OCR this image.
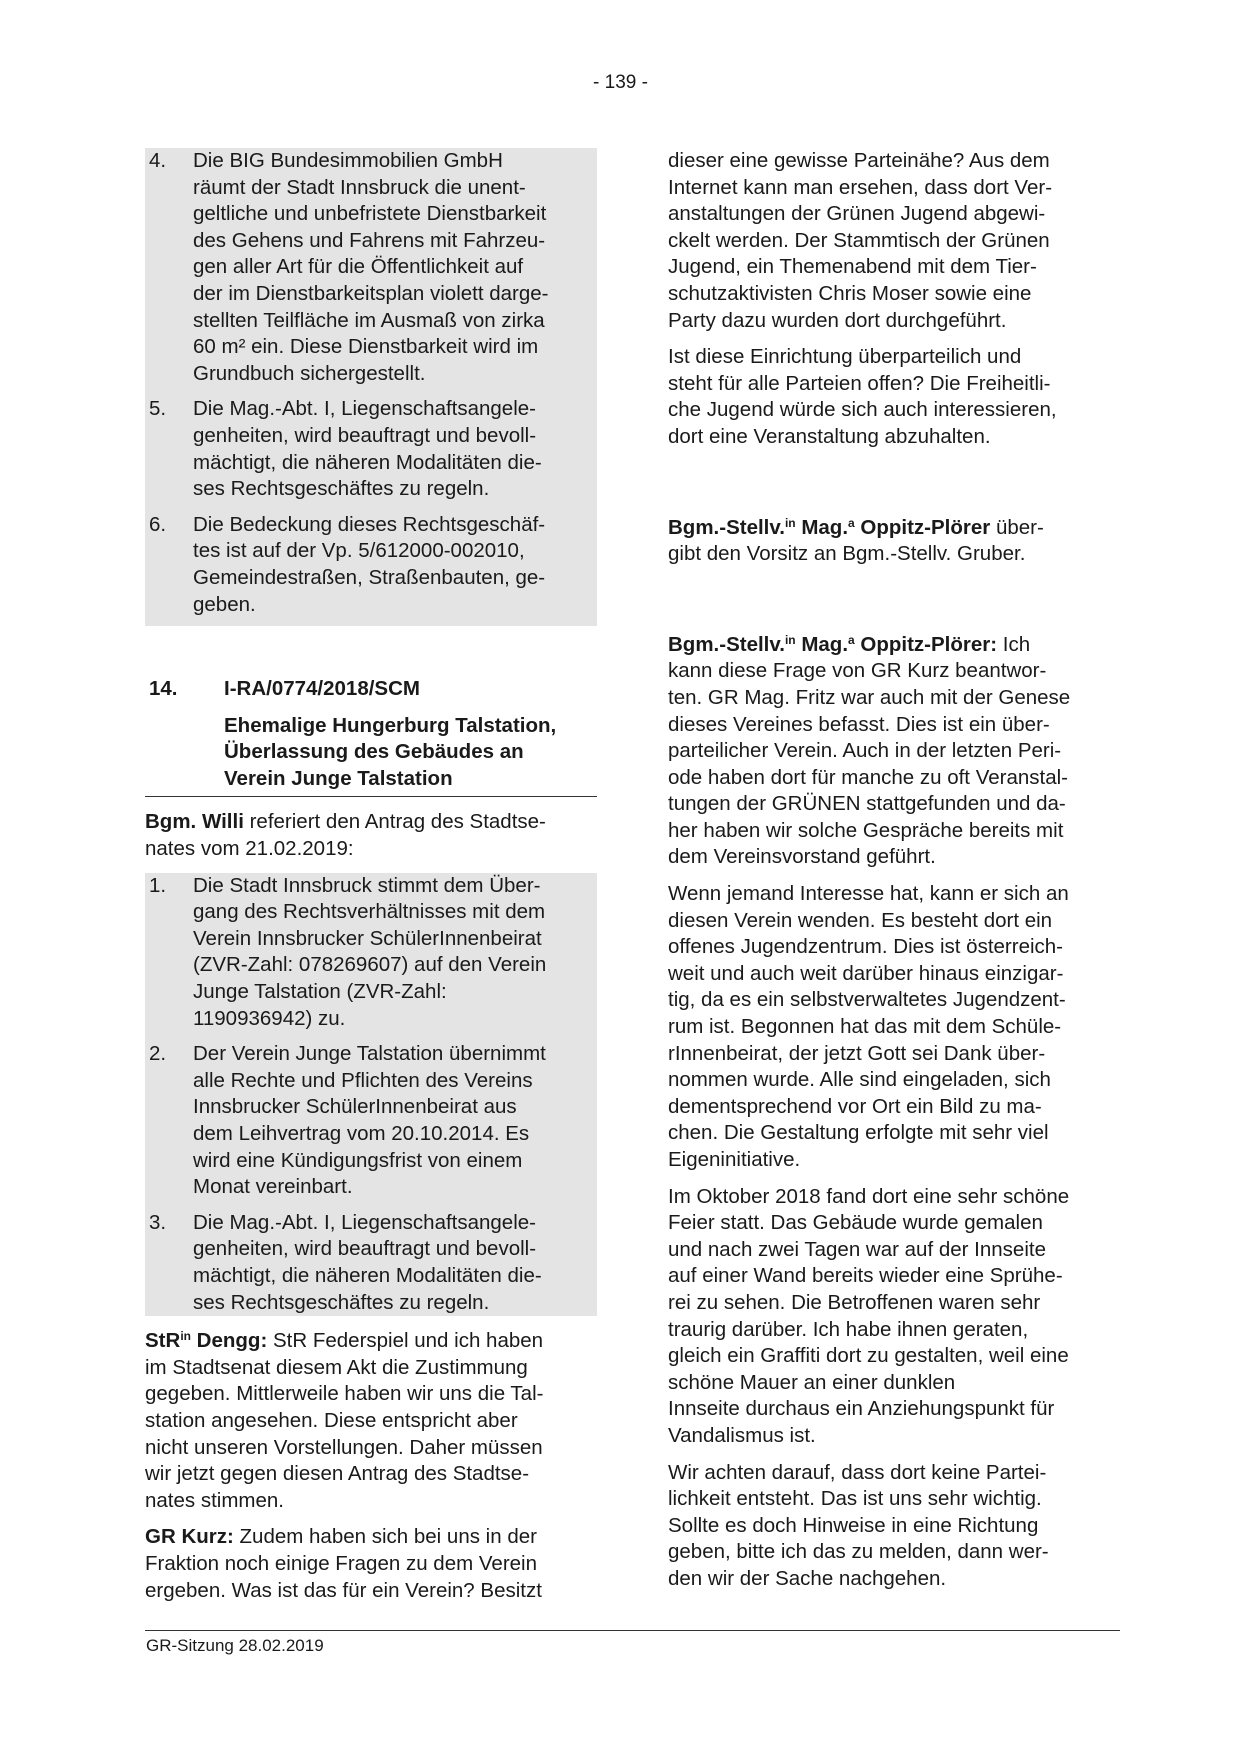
- 139 -
4.	Die BIG Bundesimmobilien GmbH
räumt der Stadt Innsbruck die unent-
geltliche und unbefristete Dienstbarkeit
des Gehens und Fahrens mit Fahrzeu-
gen aller Art für die Öffentlichkeit auf
der im Dienstbarkeitsplan violett darge-
stellten Teilfläche im Ausmaß von zirka
60 m² ein. Diese Dienstbarkeit wird im
Grundbuch sichergestellt.
5.	Die Mag.-Abt. I, Liegenschaftsangele-
genheiten, wird beauftragt und bevoll-
mächtigt, die näheren Modalitäten die-
ses Rechtsgeschäftes zu regeln.
6.	Die Bedeckung dieses Rechtsgeschäf-
tes ist auf der Vp. 5/612000-002010,
Gemeindestraßen, Straßenbauten, ge-
geben.
14.	I-RA/0774/2018/SCM
Ehemalige Hungerburg Talstation,
Überlassung des Gebäudes an
Verein Junge Talstation

Bgm. Willi referiert den Antrag des Stadtse-
nates vom 21.02.2019:

1.	Die Stadt Innsbruck stimmt dem Über-
gang des Rechtsverhältnisses mit dem
Verein Innsbrucker SchülerInnenbeirat
(ZVR-Zahl: 078269607) auf den Verein
Junge Talstation (ZVR-Zahl:
1190936942) zu.
2.	Der Verein Junge Talstation übernimmt
alle Rechte und Pflichten des Vereins
Innsbrucker SchülerInnenbeirat aus
dem Leihvertrag vom 20.10.2014. Es
wird eine Kündigungsfrist von einem
Monat vereinbart.
3.	Die Mag.-Abt. I, Liegenschaftsangele-
genheiten, wird beauftragt und bevoll-
mächtigt, die näheren Modalitäten die-
ses Rechtsgeschäftes zu regeln.

StR$^{in}$ Dengg: StR Federspiel und ich haben
im Stadtsenat diesem Akt die Zustimmung
gegeben. Mittlerweile haben wir uns die Tal-
station angesehen. Diese entspricht aber
nicht unseren Vorstellungen. Daher müssen
wir jetzt gegen diesen Antrag des Stadtse-
nates stimmen.

GR Kurz: Zudem haben sich bei uns in der
Fraktion noch einige Fragen zu dem Verein
ergeben. Was ist das für ein Verein? Besitzt

dieser eine gewisse Parteinähe? Aus dem
Internet kann man ersehen, dass dort Ver-
anstaltungen der Grünen Jugend abgewi-
ckelt werden. Der Stammtisch der Grünen
Jugend, ein Themenabend mit dem Tier-
schutzaktivisten Chris Moser sowie eine
Party dazu wurden dort durchgeführt.

Ist diese Einrichtung überparteilich und
steht für alle Parteien offen? Die Freiheitli-
che Jugend würde sich auch interessieren,
dort eine Veranstaltung abzuhalten.

Bgm.-Stellv.$^{in}$ Mag.$^a$ Oppitz-Plörer über-
gibt den Vorsitz an Bgm.-Stellv. Gruber.

Bgm.-Stellv.$^{in}$ Mag.$^a$ Oppitz-Plörer: Ich
kann diese Frage von GR Kurz beantwor-
ten. GR Mag. Fritz war auch mit der Genese
dieses Vereines befasst. Dies ist ein über-
parteilicher Verein. Auch in der letzten Peri-
ode haben dort für manche zu oft Veranstal-
tungen der GRÜNEN stattgefunden und da-
her haben wir solche Gespräche bereits mit
dem Vereinsvorstand geführt.

Wenn jemand Interesse hat, kann er sich an
diesen Verein wenden. Es besteht dort ein
offenes Jugendzentrum. Dies ist österreich-
weit und auch weit darüber hinaus einzigar-
tig, da es ein selbstverwaltetes Jugendzent-
rum ist. Begonnen hat das mit dem Schüle-
rInnenbeirat, der jetzt Gott sei Dank über-
nommen wurde. Alle sind eingeladen, sich
dementsprechend vor Ort ein Bild zu ma-
chen. Die Gestaltung erfolgte mit sehr viel
Eigeninitiative.

Im Oktober 2018 fand dort eine sehr schöne
Feier statt. Das Gebäude wurde gemalen
und nach zwei Tagen war auf der Innseite
auf einer Wand bereits wieder eine Sprühe-
rei zu sehen. Die Betroffenen waren sehr
traurig darüber. Ich habe ihnen geraten,
gleich ein Graffiti dort zu gestalten, weil eine
schöne Mauer an einer dunklen
Innseite durchaus ein Anziehungspunkt für
Vandalismus ist.

Wir achten darauf, dass dort keine Partei-
lichkeit entsteht. Das ist uns sehr wichtig.
Sollte es doch Hinweise in eine Richtung
geben, bitte ich das zu melden, dann wer-
den wir der Sache nachgehen.

GR-Sitzung 28.02.2019
